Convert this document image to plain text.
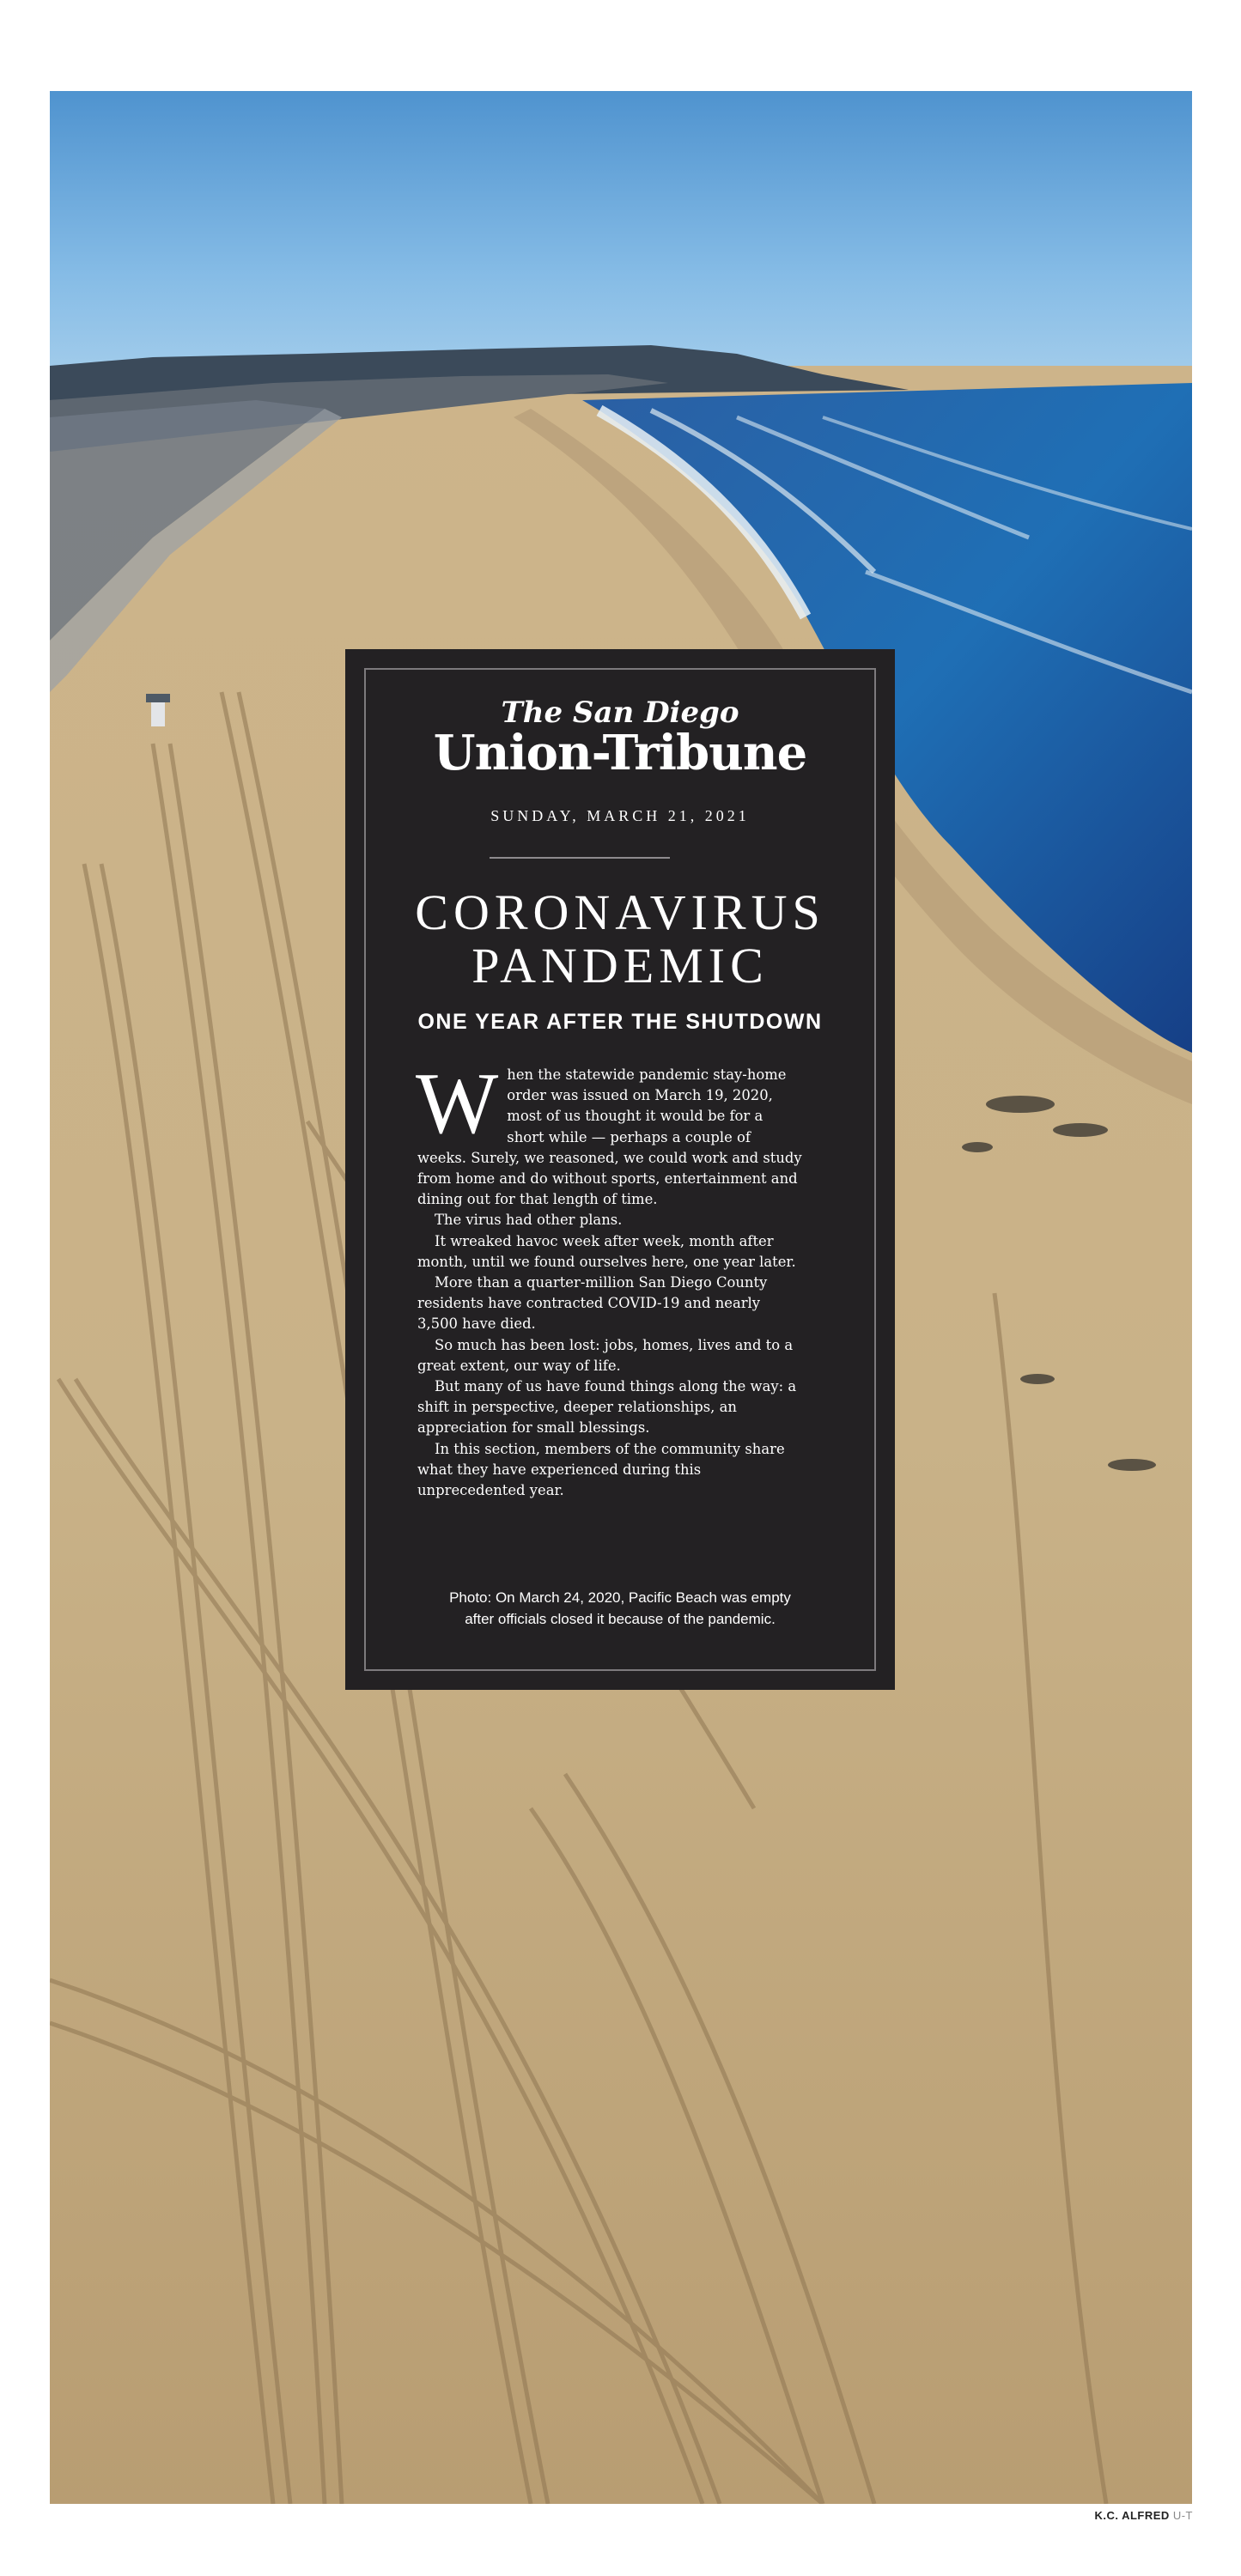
K.C. ALFRED U-T
The San Diego
Union-Tribune
SUNDAY, MARCH 21, 2021
CORONAVIRUS
PANDEMIC
ONE YEAR AFTER THE SHUTDOWN

When the statewide pandemic stay-home order was issued on March 19, 2020, most of us thought it would be for a short while — perhaps a couple of weeks. Surely, we reasoned, we could work and study from home and do without sports, entertainment and dining out for that length of time.

The virus had other plans.

It wreaked havoc week after week, month after month, until we found ourselves here, one year later.

More than a quarter-million San Diego County residents have contracted COVID-19 and nearly 3,500 have died.

So much has been lost: jobs, homes, lives and to a great extent, our way of life.

But many of us have found things along the way: a shift in perspective, deeper relationships, an appreciation for small blessings.

In this section, members of the community share what they have experienced during this unprecedented year.

Photo: On March 24, 2020, Pacific Beach was empty
after officials closed it because of the pandemic.
